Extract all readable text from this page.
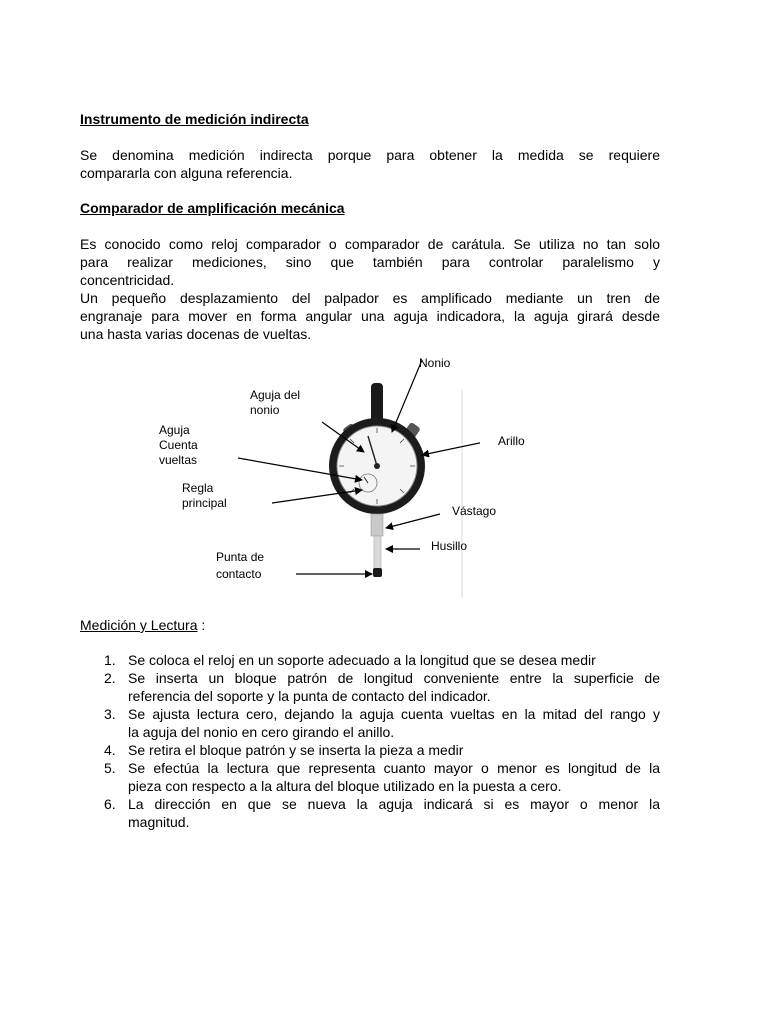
Instrumento de medición indirecta
Se denomina medición indirecta porque para obtener la medida se requiere
compararla con alguna referencia.
Comparador de amplificación mecánica
Es conocido como reloj comparador o comparador de carátula. Se utiliza no tan solo
para realizar mediciones, sino que también para controlar paralelismo y
concentricidad.
Un pequeño desplazamiento del palpador es amplificado mediante un tren de
engranaje para mover en forma angular una aguja indicadora, la aguja girará desde
una hasta varias docenas de vueltas.
Medición y Lectura :
1. Se coloca el reloj en un soporte adecuado a la longitud que se desea medir
2. Se inserta un bloque patrón de longitud conveniente entre la superficie de
referencia del soporte y la punta de contacto del indicador.
3. Se ajusta lectura cero, dejando la aguja cuenta vueltas en la mitad del rango y
la aguja del nonio en cero girando el anillo.
4. Se retira el bloque patrón y se inserta la pieza a medir
5. Se efectúa la lectura que representa cuanto mayor o menor es longitud de la
pieza con respecto a la altura del bloque utilizado en la puesta a cero.
6. La dirección en que se nueva la aguja indicará si es mayor o menor la
magnitud.
Nonio
Aguja del
nonio
Aguja
Cuenta
vueltas
Arillo
Regla
principal
Vástago
Husillo
Punta de
contacto
